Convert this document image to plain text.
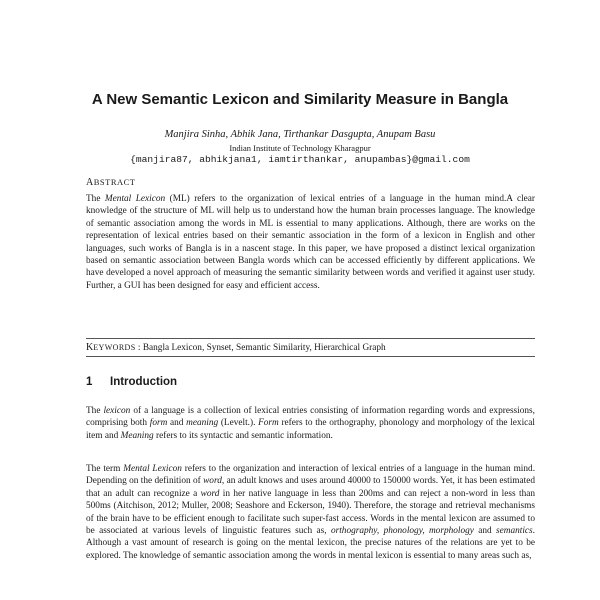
A New Semantic Lexicon and Similarity Measure in Bangla
Manjira Sinha, Abhik Jana, Tirthankar Dasgupta, Anupam Basu
Indian Institute of Technology Kharagpur
{manjira87, abhikjana1, iamtirthankar, anupambas}@gmail.com
ABSTRACT
The Mental Lexicon (ML) refers to the organization of lexical entries of a language in the human mind.A clear knowledge of the structure of ML will help us to understand how the human brain processes language. The knowledge of semantic association among the words in ML is essential to many applications. Although, there are works on the representation of lexical entries based on their semantic association in the form of a lexicon in English and other languages, such works of Bangla is in a nascent stage. In this paper, we have proposed a distinct lexical organization based on semantic association between Bangla words which can be accessed efficiently by different applications. We have developed a novel approach of measuring the semantic similarity between words and verified it against user study. Further, a GUI has been designed for easy and efficient access.
KEYWORDS : Bangla Lexicon, Synset, Semantic Similarity, Hierarchical Graph
1 Introduction
The lexicon of a language is a collection of lexical entries consisting of information regarding words and expressions, comprising both form and meaning (Levelt.). Form refers to the orthography, phonology and morphology of the lexical item and Meaning refers to its syntactic and semantic information.
The term Mental Lexicon refers to the organization and interaction of lexical entries of a language in the human mind. Depending on the definition of word, an adult knows and uses around 40000 to 150000 words. Yet, it has been estimated that an adult can recognize a word in her native language in less than 200ms and can reject a non-word in less than 500ms (Aitchison, 2012; Muller, 2008; Seashore and Eckerson, 1940). Therefore, the storage and retrieval mechanisms of the brain have to be efficient enough to facilitate such super-fast access. Words in the mental lexicon are assumed to be associated at various levels of linguistic features such as, orthography, phonology, morphology and semantics. Although a vast amount of research is going on the mental lexicon, the precise natures of the relations are yet to be explored. The knowledge of semantic association among the words in mental lexicon is essential to many areas such as,
